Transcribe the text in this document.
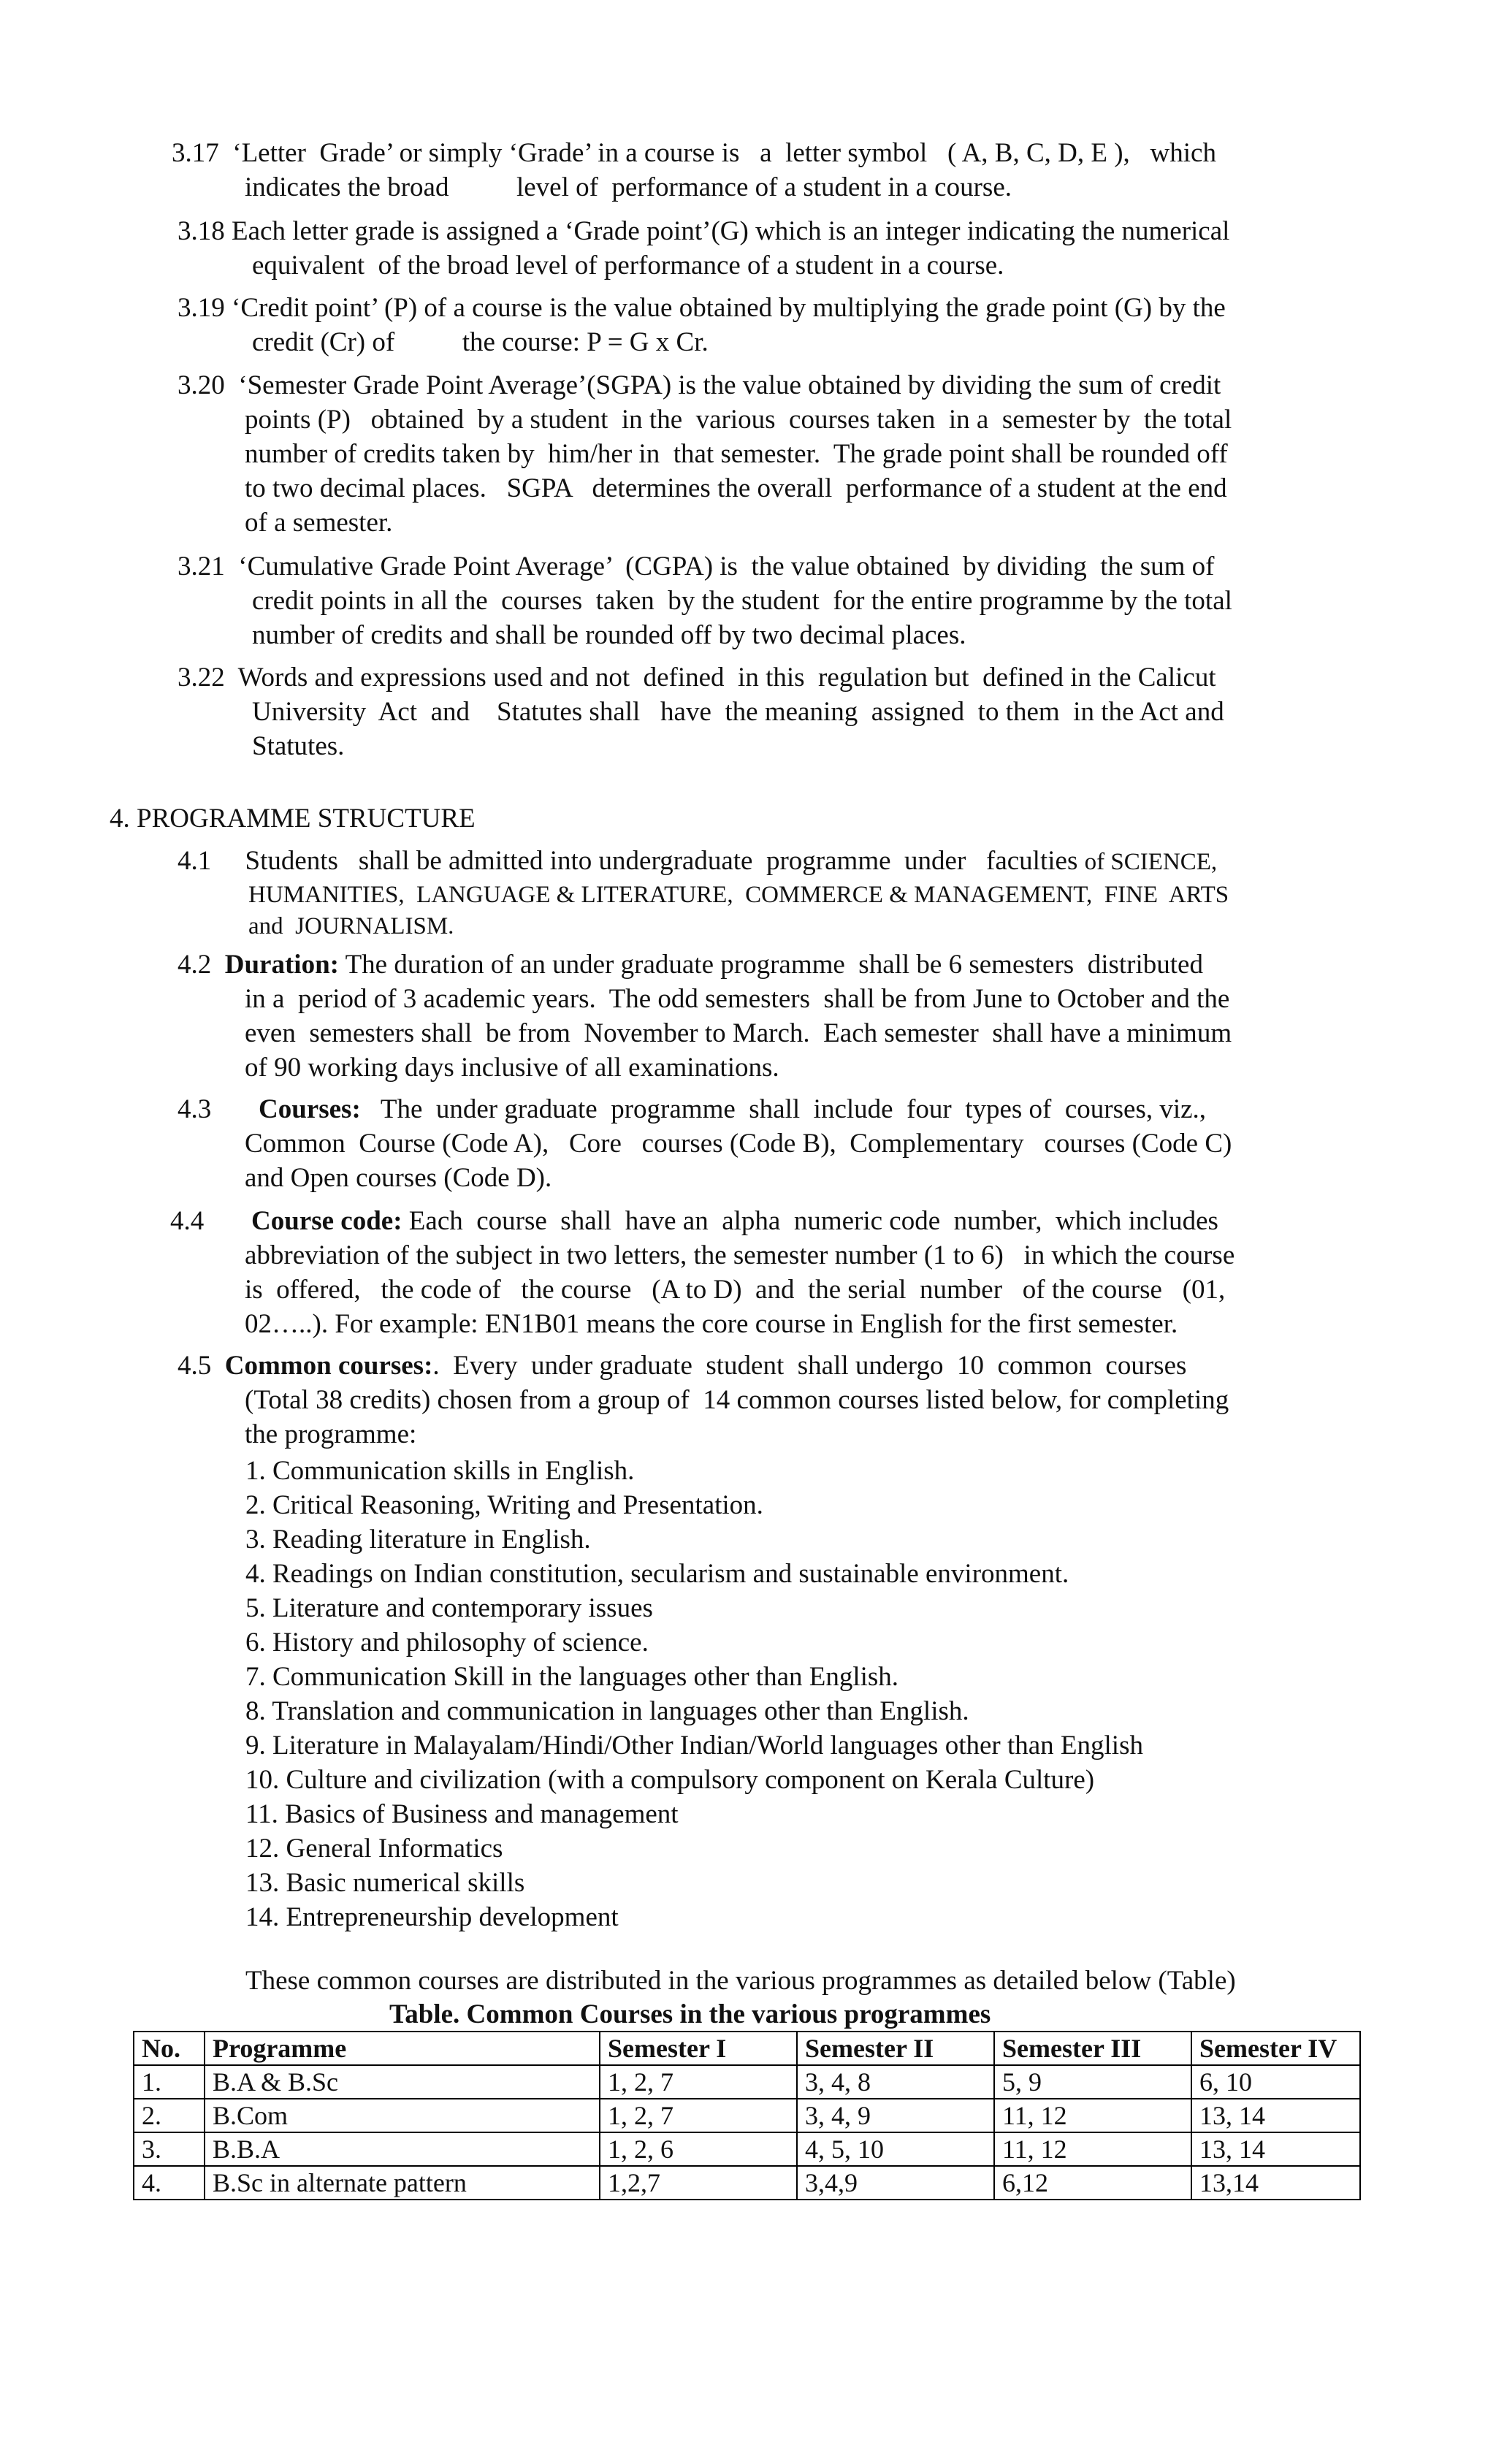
3.17  ‘Letter  Grade’ or simply ‘Grade’ in a course is   a  letter symbol   ( A, B, C, D, E ),   which
indicates the broad          level of  performance of a student in a course.
3.18 Each letter grade is assigned a ‘Grade point’(G) which is an integer indicating the numerical
equivalent  of the broad level of performance of a student in a course.
3.19 ‘Credit point’ (P) of a course is the value obtained by multiplying the grade point (G) by the
credit (Cr) of          the course: P = G x Cr.
3.20  ‘Semester Grade Point Average’(SGPA) is the value obtained by dividing the sum of credit
points (P)   obtained  by a student  in the  various  courses taken  in a  semester by  the total
number of credits taken by  him/her in  that semester.  The grade point shall be rounded off
to two decimal places.   SGPA   determines the overall  performance of a student at the end
of a semester.
3.21  ‘Cumulative Grade Point Average’  (CGPA) is  the value obtained  by dividing  the sum of
credit points in all the  courses  taken  by the student  for the entire programme by the total
number of credits and shall be rounded off by two decimal places.
3.22  Words and expressions used and not  defined  in this  regulation but  defined in the Calicut
University  Act  and    Statutes shall   have  the meaning  assigned  to them  in the Act and
Statutes.
4. PROGRAMME STRUCTURE
4.1     Students   shall be admitted into undergraduate  programme  under   faculties of SCIENCE,
HUMANITIES,  LANGUAGE & LITERATURE,  COMMERCE & MANAGEMENT,  FINE  ARTS
and  JOURNALISM.
4.2  Duration: The duration of an under graduate programme  shall be 6 semesters  distributed
in a  period of 3 academic years.  The odd semesters  shall be from June to October and the
even  semesters shall  be from  November to March.  Each semester  shall have a minimum
of 90 working days inclusive of all examinations.
4.3       Courses:   The  under graduate  programme  shall  include  four  types of  courses, viz.,
Common  Course (Code A),   Core   courses (Code B),  Complementary   courses (Code C)
and Open courses (Code D).
4.4       Course code: Each  course  shall  have an  alpha  numeric code  number,  which includes
abbreviation of the subject in two letters, the semester number (1 to 6)   in which the course
is  offered,   the code of   the course   (A to D)  and  the serial  number   of the course   (01,
02…..). For example: EN1B01 means the core course in English for the first semester.
4.5  Common courses:.  Every  under graduate  student  shall undergo  10  common  courses
(Total 38 credits) chosen from a group of  14 common courses listed below, for completing
the programme:
1. Communication skills in English.
2. Critical Reasoning, Writing and Presentation.
3. Reading literature in English.
4. Readings on Indian constitution, secularism and sustainable environment.
5. Literature and contemporary issues
6. History and philosophy of science.
7. Communication Skill in the languages other than English.
8. Translation and communication in languages other than English.
9. Literature in Malayalam/Hindi/Other Indian/World languages other than English
10. Culture and civilization (with a compulsory component on Kerala Culture)
11. Basics of Business and management
12. General Informatics
13. Basic numerical skills
14. Entrepreneurship development
These common courses are distributed in the various programmes as detailed below (Table)
Table. Common Courses in the various programmes
No.	Programme	Semester I	Semester II	Semester III	Semester IV
1.	B.A & B.Sc	1, 2, 7	3, 4, 8	5, 9	6, 10
2.	B.Com	1, 2, 7	3, 4, 9	11, 12	13, 14
3.	B.B.A	1, 2, 6	4, 5, 10	11, 12	13, 14
4.	B.Sc in alternate pattern	1,2,7	3,4,9	6,12	13,14
